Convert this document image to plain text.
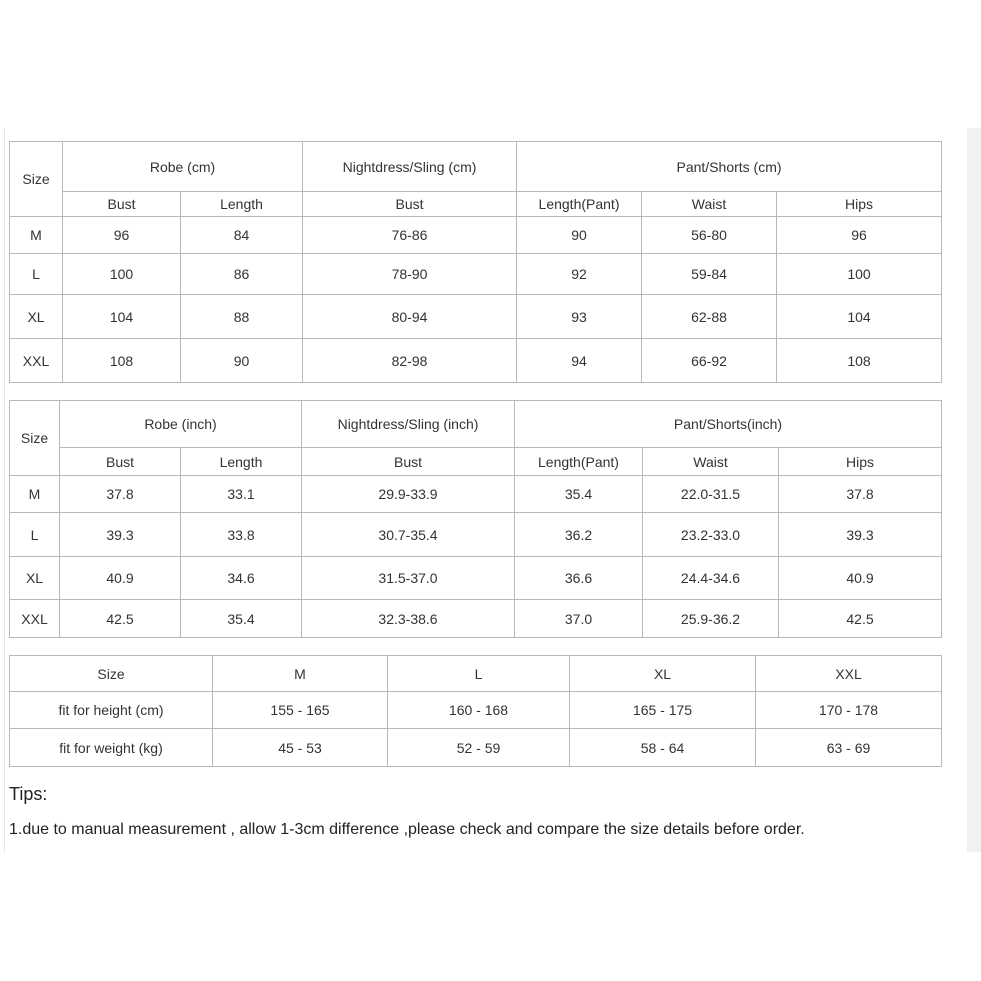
Size	Robe (cm)		Nightdress/Sling (cm)	Pant/Shorts (cm)		
	Bust	Length	Bust	Length(Pant)	Waist	Hips
M	96	84	76-86	90	56-80	96
L	100	86	78-90	92	59-84	100
XL	104	88	80-94	93	62-88	104
XXL	108	90	82-98	94	66-92	108
Size	Robe (inch)		Nightdress/Sling (inch)	Pant/Shorts(inch)		
	Bust	Length	Bust	Length(Pant)	Waist	Hips
M	37.8	33.1	29.9-33.9	35.4	22.0-31.5	37.8
L	39.3	33.8	30.7-35.4	36.2	23.2-33.0	39.3
XL	40.9	34.6	31.5-37.0	36.6	24.4-34.6	40.9
XXL	42.5	35.4	32.3-38.6	37.0	25.9-36.2	42.5
Size	M	L	XL	XXL
fit for height (cm)	155 - 165	160 - 168	165 - 175	170 - 178
fit for weight (kg)	45 - 53	52 - 59	58 - 64	63 - 69
Tips:
1.due to manual measurement , allow 1-3cm difference ,please check and compare the size details before order.
